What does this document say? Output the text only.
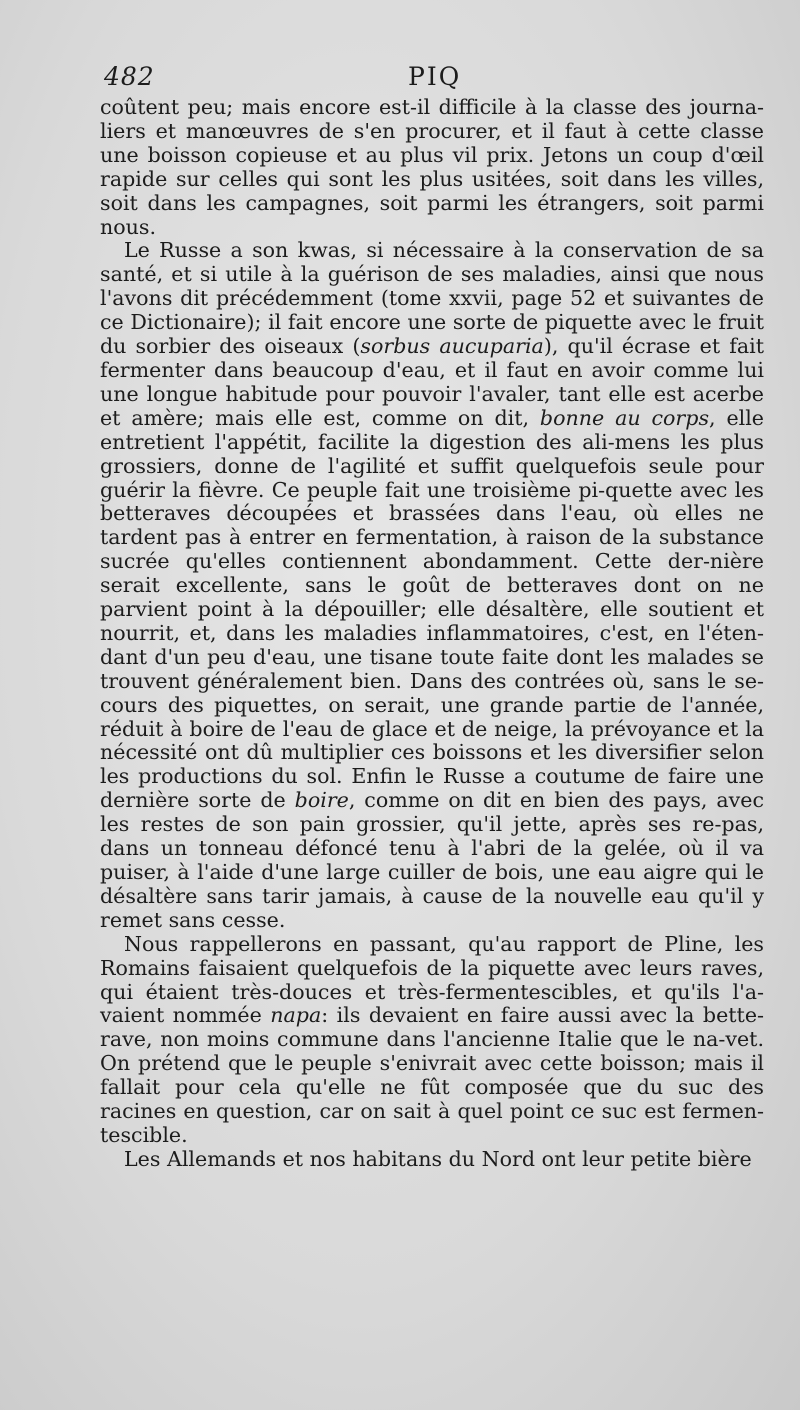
482	PIQ

coûtent peu; mais encore est-il difficile à la classe des journa-liers et manœuvres de s'en procurer, et il faut à cette classe une boisson copieuse et au plus vil prix. Jetons un coup d'œil rapide sur celles qui sont les plus usitées, soit dans les villes, soit dans les campagnes, soit parmi les étrangers, soit parmi nous.

Le Russe a son kwas, si nécessaire à la conservation de sa santé, et si utile à la guérison de ses maladies, ainsi que nous l'avons dit précédemment (tome xxvii, page 52 et suivantes de ce Dictionaire); il fait encore une sorte de piquette avec le fruit du sorbier des oiseaux (sorbus aucuparia), qu'il écrase et fait fermenter dans beaucoup d'eau, et il faut en avoir comme lui une longue habitude pour pouvoir l'avaler, tant elle est acerbe et amère; mais elle est, comme on dit, bonne au corps, elle entretient l'appétit, facilite la digestion des ali-mens les plus grossiers, donne de l'agilité et suffit quelquefois seule pour guérir la fièvre. Ce peuple fait une troisième pi-quette avec les betteraves découpées et brassées dans l'eau, où elles ne tardent pas à entrer en fermentation, à raison de la substance sucrée qu'elles contiennent abondamment. Cette der-nière serait excellente, sans le goût de betteraves dont on ne parvient point à la dépouiller; elle désaltère, elle soutient et nourrit, et, dans les maladies inflammatoires, c'est, en l'éten-dant d'un peu d'eau, une tisane toute faite dont les malades se trouvent généralement bien. Dans des contrées où, sans le se-cours des piquettes, on serait, une grande partie de l'année, réduit à boire de l'eau de glace et de neige, la prévoyance et la nécessité ont dû multiplier ces boissons et les diversifier selon les productions du sol. Enfin le Russe a coutume de faire une dernière sorte de boire, comme on dit en bien des pays, avec les restes de son pain grossier, qu'il jette, après ses re-pas, dans un tonneau défoncé tenu à l'abri de la gelée, où il va puiser, à l'aide d'une large cuiller de bois, une eau aigre qui le désaltère sans tarir jamais, à cause de la nouvelle eau qu'il y remet sans cesse.

Nous rappellerons en passant, qu'au rapport de Pline, les Romains faisaient quelquefois de la piquette avec leurs raves, qui étaient très-douces et très-fermentescibles, et qu'ils l'a-vaient nommée napa: ils devaient en faire aussi avec la bette-rave, non moins commune dans l'ancienne Italie que le na-vet. On prétend que le peuple s'enivrait avec cette boisson; mais il fallait pour cela qu'elle ne fût composée que du suc des racines en question, car on sait à quel point ce suc est fermen-tescible.

Les Allemands et nos habitans du Nord ont leur petite bière
